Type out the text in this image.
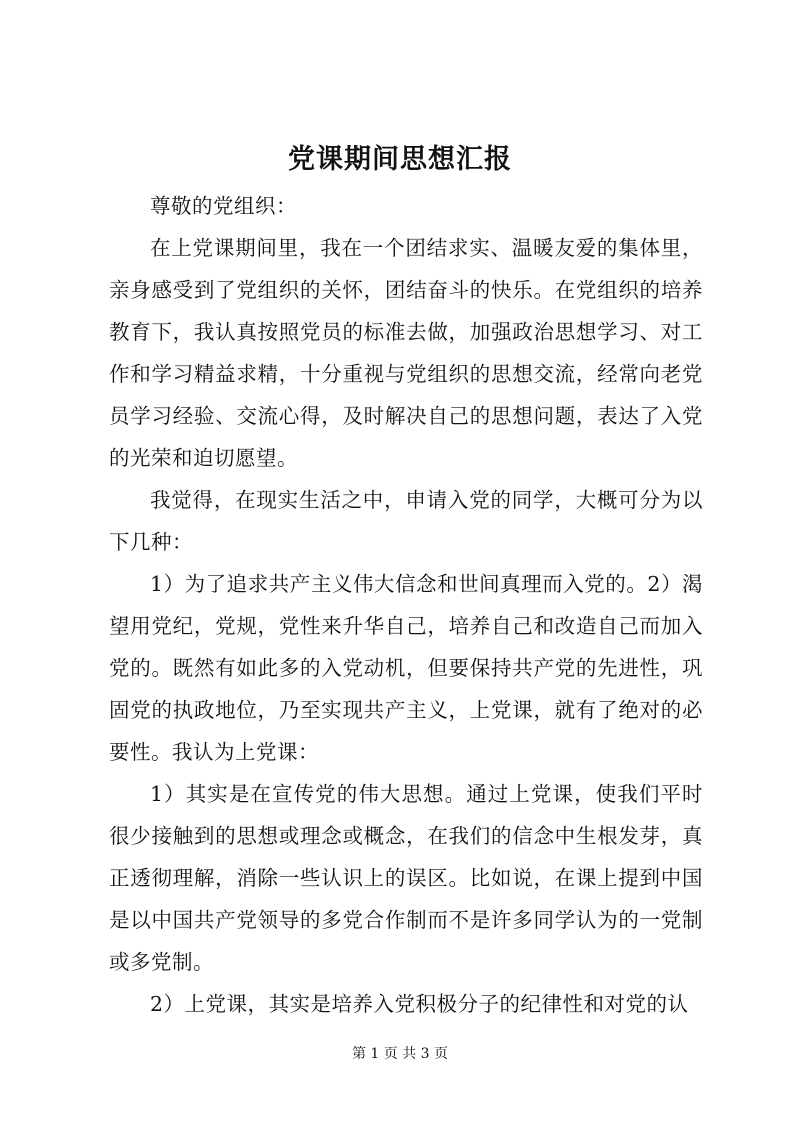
党课期间思想汇报

尊敬的党组织：

在上党课期间里，我在一个团结求实、温暖友爱的集体里，亲身感受到了党组织的关怀，团结奋斗的快乐。在党组织的培养教育下，我认真按照党员的标准去做，加强政治思想学习、对工作和学习精益求精，十分重视与党组织的思想交流，经常向老党员学习经验、交流心得，及时解决自己的思想问题，表达了入党的光荣和迫切愿望。

我觉得，在现实生活之中，申请入党的同学，大概可分为以下几种：

1）为了追求共产主义伟大信念和世间真理而入党的。2）渴望用党纪，党规，党性来升华自己，培养自己和改造自己而加入党的。既然有如此多的入党动机，但要保持共产党的先进性，巩固党的执政地位，乃至实现共产主义，上党课，就有了绝对的必要性。我认为上党课：

1）其实是在宣传党的伟大思想。通过上党课，使我们平时很少接触到的思想或理念或概念，在我们的信念中生根发芽，真正透彻理解，消除一些认识上的误区。比如说，在课上提到中国是以中国共产党领导的多党合作制而不是许多同学认为的一党制或多党制。

2）上党课，其实是培养入党积极分子的纪律性和对党的认

第 1 页 共 3 页
